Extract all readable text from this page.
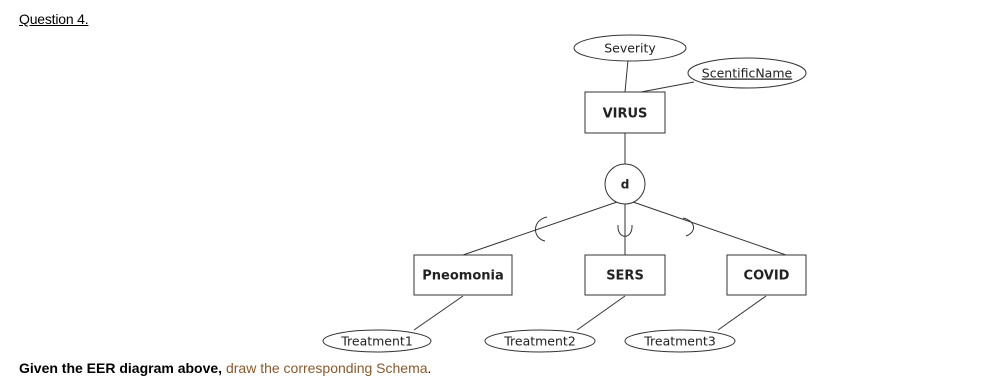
Question 4.
Severity
ScentificName
VIRUS
d
Pneomonia	SERS	COVID
Treatment1	Treatment2	Treatment3
Given the EER diagram above, draw the corresponding Schema.
